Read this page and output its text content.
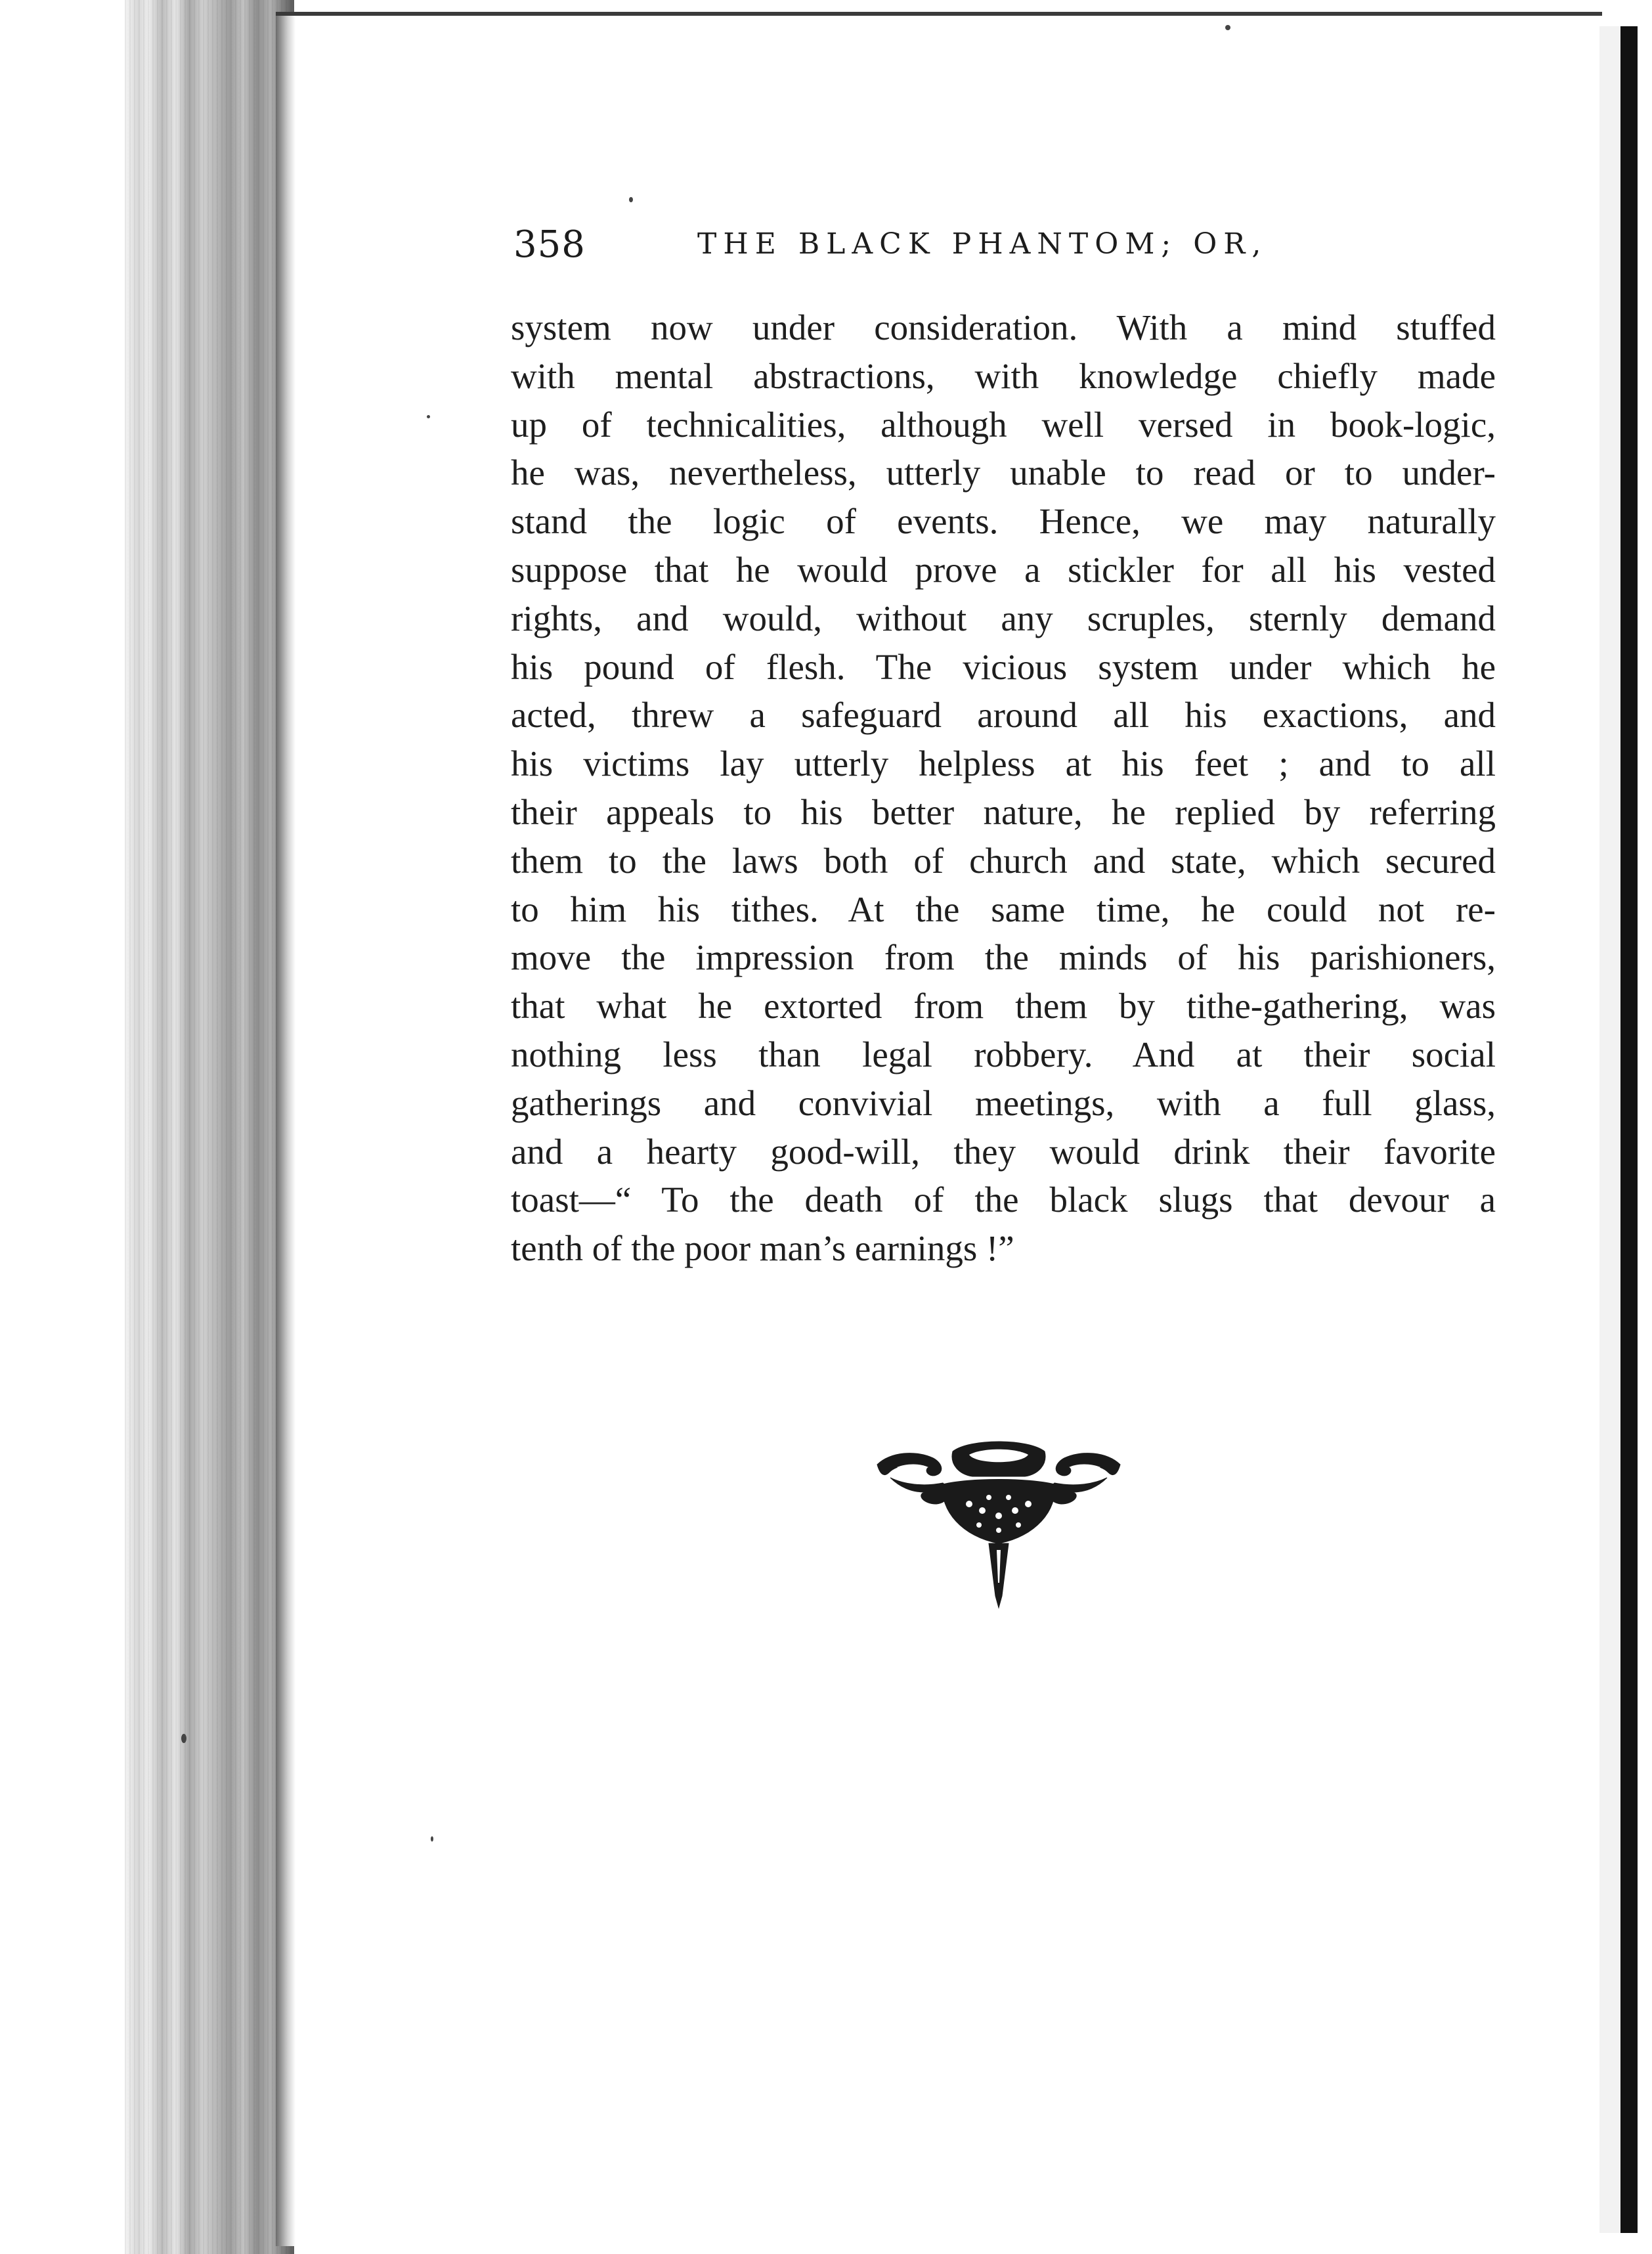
358	THE BLACK PHANTOM; OR,
system now under consideration. With a mind stuffed
with mental abstractions, with knowledge chiefly made
up of technicalities, although well versed in book-logic,
he was, nevertheless, utterly unable to read or to under-
stand the logic of events. Hence, we may naturally
suppose that he would prove a stickler for all his vested
rights, and would, without any scruples, sternly demand
his pound of flesh. The vicious system under which he
acted, threw a safeguard around all his exactions, and
his victims lay utterly helpless at his feet ; and to all
their appeals to his better nature, he replied by referring
them to the laws both of church and state, which secured
to him his tithes. At the same time, he could not re-
move the impression from the minds of his parishioners,
that what he extorted from them by tithe-gathering, was
nothing less than legal robbery. And at their social
gatherings and convivial meetings, with a full glass,
and a hearty good-will, they would drink their favorite
toast—“ To the death of the black slugs that devour a
tenth of the poor man’s earnings !”
